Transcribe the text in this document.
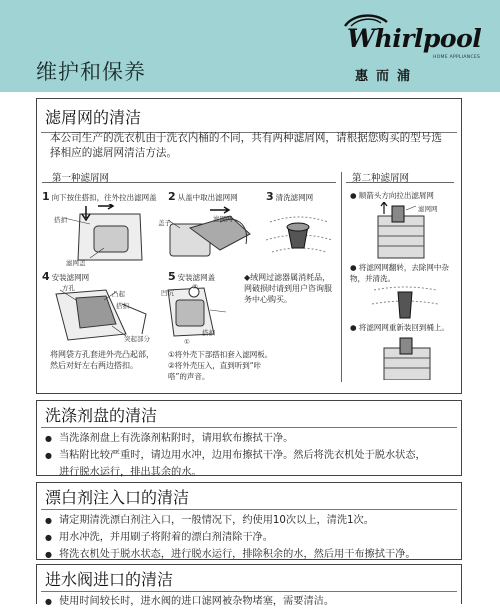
维护和保养
Whirlpool
HOME APPLIANCES
惠而浦
滤屑网的清洁
本公司生产的洗衣机由于洗衣内桶的不同，共有两种滤屑网，请根据您购买的型号选择相应的滤屑网清洁方法。
第一种滤屑网	第二种滤屑网
1 向下按住搭扣，往外拉出滤网盖
搭扣
滤网盖
2 从盖中取出滤网网
盖子	滤网网
3 清洗滤网网
4 安装滤网网
方孔
凸起
搭扣
突起部分
将网袋方孔套进外壳凸起部，然后对好左右两边搭扣。
5 安装滤网盖
凹坑
②
搭扣
①
①将外壳下部搭扣套入滤网板。
②将外壳压入，直到听到“咔嗒”的声音。
◆绒网过滤器属消耗品，网破损时请到用户咨询服务中心购买。
● 顺箭头方向拉出滤屑网
滤网网
● 将滤网网翻转，去除网中杂物，并清洗。
● 将滤网网重新装回到桶上。
洗涤剂盘的清洁
● 当洗涤剂盘上有洗涤剂粘附时，请用软布擦拭干净。
● 当粘附比较严重时，请边用水冲，边用布擦拭干净。然后将洗衣机处于脱水状态，
进行脱水运行，排出其余的水。
漂白剂注入口的清洁
● 请定期清洗漂白剂注入口，一般情况下，约使用10次以上，清洗1次。
● 用水冲洗，并用刷子将附着的漂白剂清除干净。
● 将洗衣机处于脱水状态，进行脱水运行，排除积余的水，然后用干布擦拭干净。
进水阀进口的清洁
● 使用时间较长时，进水阀的进口滤网被杂物堵塞，需要清洁。
